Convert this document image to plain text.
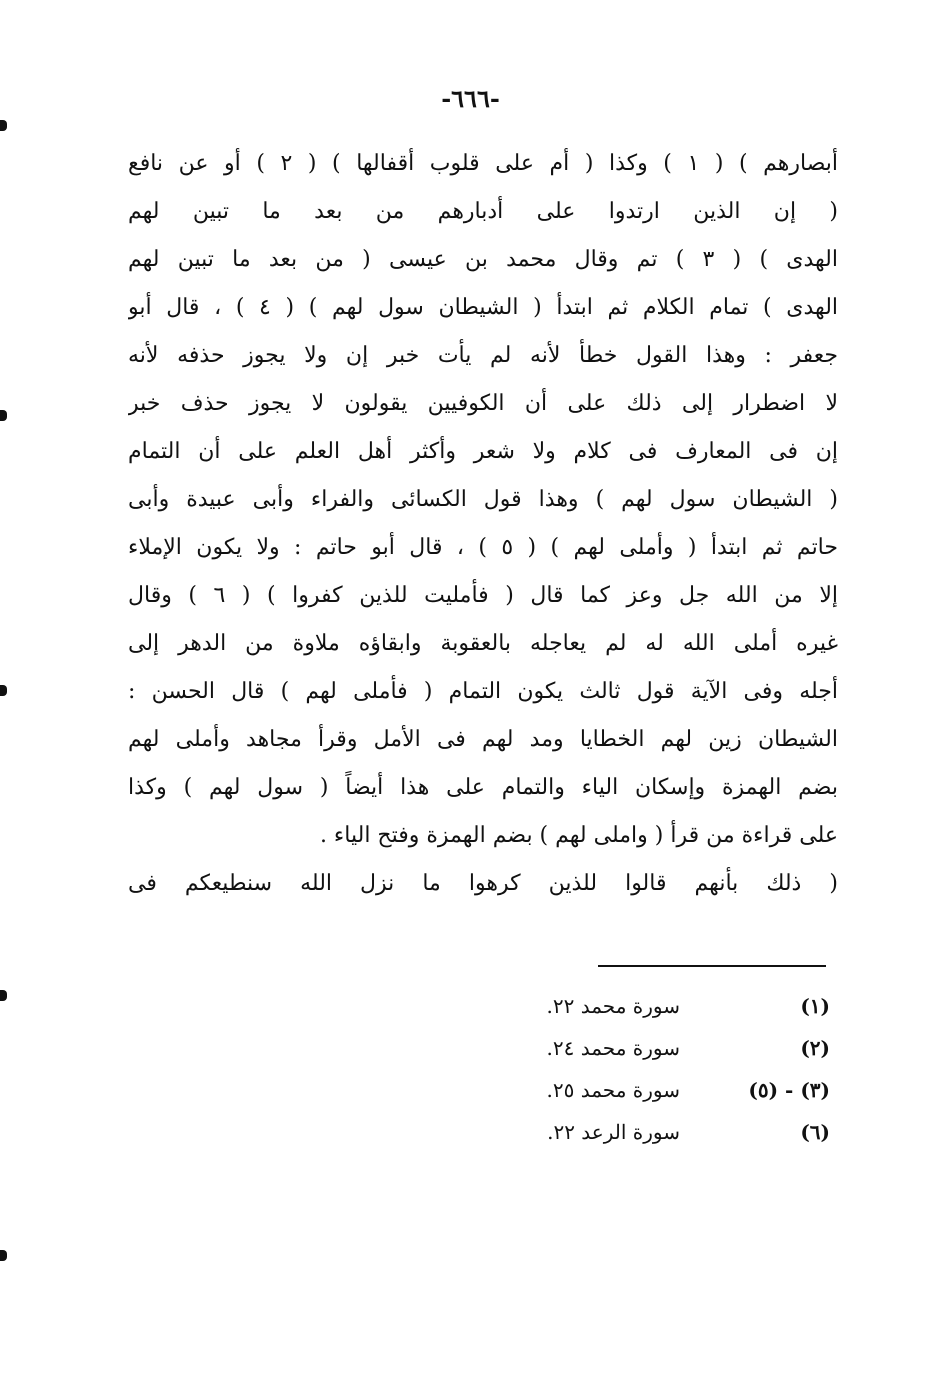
-٦٦٦-
أبصارهم ) ( ١ ) وكذا ( أم على قلوب أقفالها ) ( ٢ ) أو عن نافع
( إن الذين ارتدوا على أدبارهم من بعد ما تبين لهم
الهدى ) ( ٣ ) تم وقال محمد بن عيسى ( من بعد ما تبين لهم
الهدى ) تمام الكلام ثم ابتدأ ( الشيطان سول لهم ) ( ٤ ) ، قال أبو
جعفر : وهذا القول خطأ لأنه لم يأت خبر إن ولا يجوز حذفه لأنه
لا اضطرار إلى ذلك على أن الكوفيين يقولون لا يجوز حذف خبر
إن فى المعارف فى كلام ولا شعر وأكثر أهل العلم على أن التمام
( الشيطان سول لهم ) وهذا قول الكسائى والفراء وأبى عبيدة وأبى
حاتم ثم ابتدأ ( وأملى لهم ) ( ٥ ) ، قال أبو حاتم : ولا يكون الإملاء
إلا من الله جل وعز كما قال ( فأمليت للذين كفروا ) ( ٦ ) وقال
غيره أملى الله له لم يعاجله بالعقوبة وابقاؤه ملاوة من الدهر إلى
أجله وفى الآية قول ثالث يكون التمام ( فأملى لهم ) قال الحسن :
الشيطان زين لهم الخطايا ومد لهم فى الأمل وقرأ مجاهد وأملى لهم
بضم الهمزة وإسكان الياء والتمام على هذا أيضاً ( سول لهم ) وكذا
على قراءة من قرأ ( واملى لهم ) بضم الهمزة وفتح الياء .
( ذلك بأنهم قالوا للذين كرهوا ما نزل الله سنطيعكم فى
(١)
سورة محمد ٢٢.
(٢)
سورة محمد ٢٤.
(٣) - (٥)
سورة محمد ٢٥.
(٦)
سورة الرعد ٢٢.
